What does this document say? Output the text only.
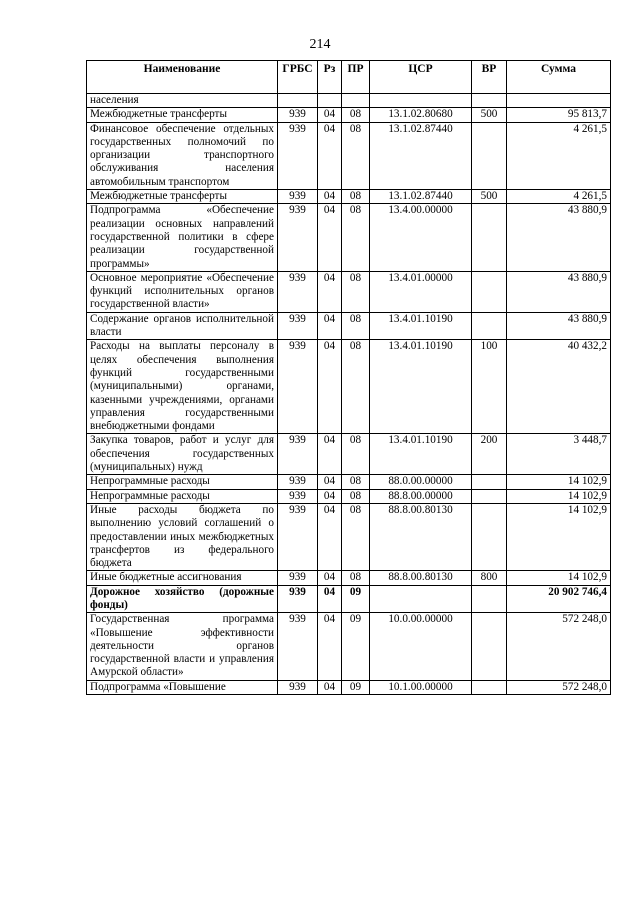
214
Наименование	ГРБС	Рз	ПР	ЦСР	ВР	Сумма
населения						
Межбюджетные трансферты	939	04	08	13.1.02.80680	500	95 813,7
Финансовое обеспечение отдельных государственных полномочий по организации транспортного обслуживания населения автомобильным транспортом	939	04	08	13.1.02.87440		4 261,5
Межбюджетные трансферты	939	04	08	13.1.02.87440	500	4 261,5
Подпрограмма «Обеспечение реализации основных направлений государственной политики в сфере реализации государственной программы»	939	04	08	13.4.00.00000		43 880,9
Основное мероприятие «Обеспечение функций исполнительных органов государственной власти»	939	04	08	13.4.01.00000		43 880,9
Содержание органов исполнительной власти	939	04	08	13.4.01.10190		43 880,9
Расходы на выплаты персоналу в целях обеспечения выполнения функций государственными (муниципальными) органами, казенными учреждениями, органами управления государственными внебюджетными фондами	939	04	08	13.4.01.10190	100	40 432,2
Закупка товаров, работ и услуг для обеспечения государственных (муниципальных) нужд	939	04	08	13.4.01.10190	200	3 448,7
Непрограммные расходы	939	04	08	88.0.00.00000		14 102,9
Непрограммные расходы	939	04	08	88.8.00.00000		14 102,9
Иные расходы бюджета по выполнению условий соглашений о предоставлении иных межбюджетных трансфертов из федерального бюджета	939	04	08	88.8.00.80130		14 102,9
Иные бюджетные ассигнования	939	04	08	88.8.00.80130	800	14 102,9
Дорожное хозяйство (дорожные фонды)	939	04	09			20 902 746,4
Государственная программа «Повышение эффективности деятельности органов государственной власти и управления Амурской области»	939	04	09	10.0.00.00000		572 248,0
Подпрограмма «Повышение	939	04	09	10.1.00.00000		572 248,0
